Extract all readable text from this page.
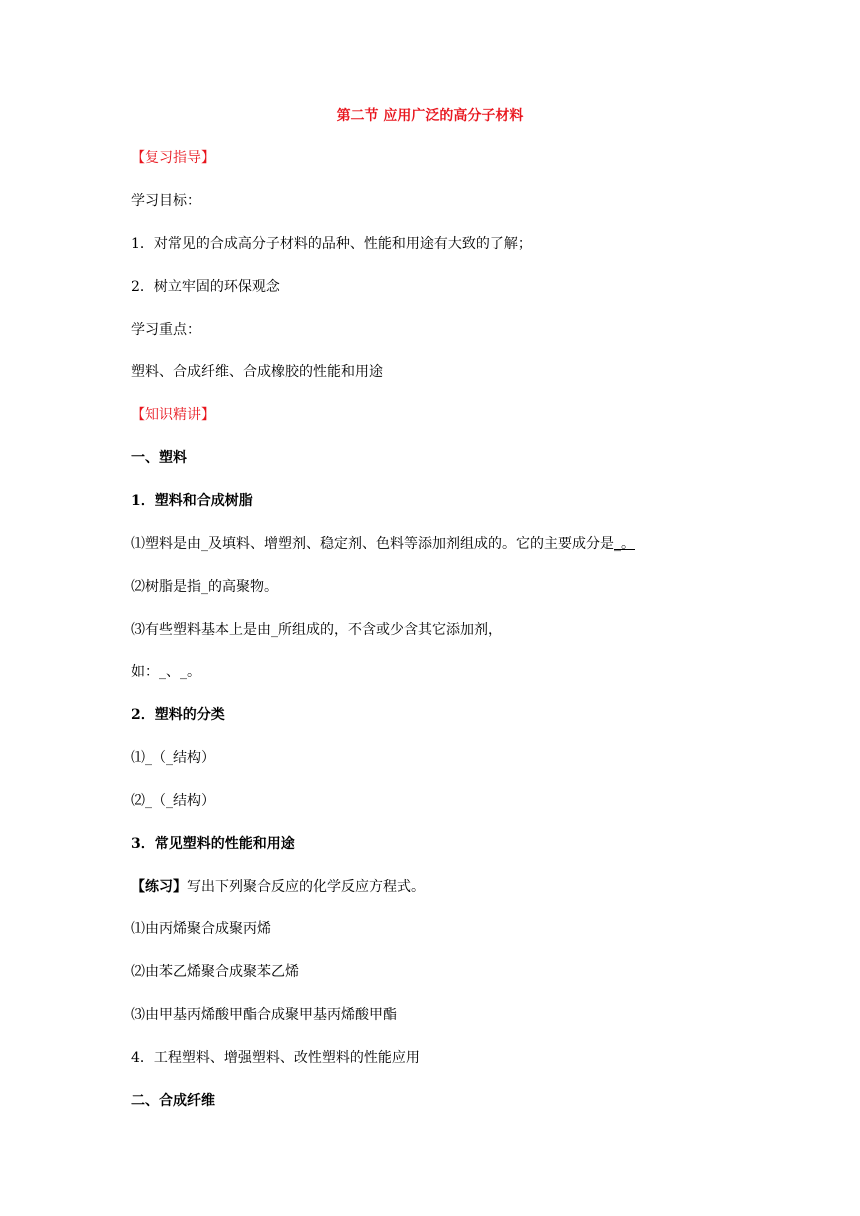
第二节 应用广泛的高分子材料
【复习指导】
学习目标：
1．对常见的合成高分子材料的品种、性能和用途有大致的了解；
2．树立牢固的环保观念
学习重点：
塑料、合成纤维、合成橡胶的性能和用途
【知识精讲】
一、塑料
1．塑料和合成树脂
⑴塑料是由_及填料、增塑剂、稳定剂、色料等添加剂组成的。它的主要成分是_。
⑵树脂是指_的高聚物。
⑶有些塑料基本上是由_所组成的，不含或少含其它添加剂，
如：_、_。
2．塑料的分类
⑴_（_结构）
⑵_（_结构）
3．常见塑料的性能和用途
【练习】写出下列聚合反应的化学反应方程式。
⑴由丙烯聚合成聚丙烯
⑵由苯乙烯聚合成聚苯乙烯
⑶由甲基丙烯酸甲酯合成聚甲基丙烯酸甲酯
4．工程塑料、增强塑料、改性塑料的性能应用
二、合成纤维
